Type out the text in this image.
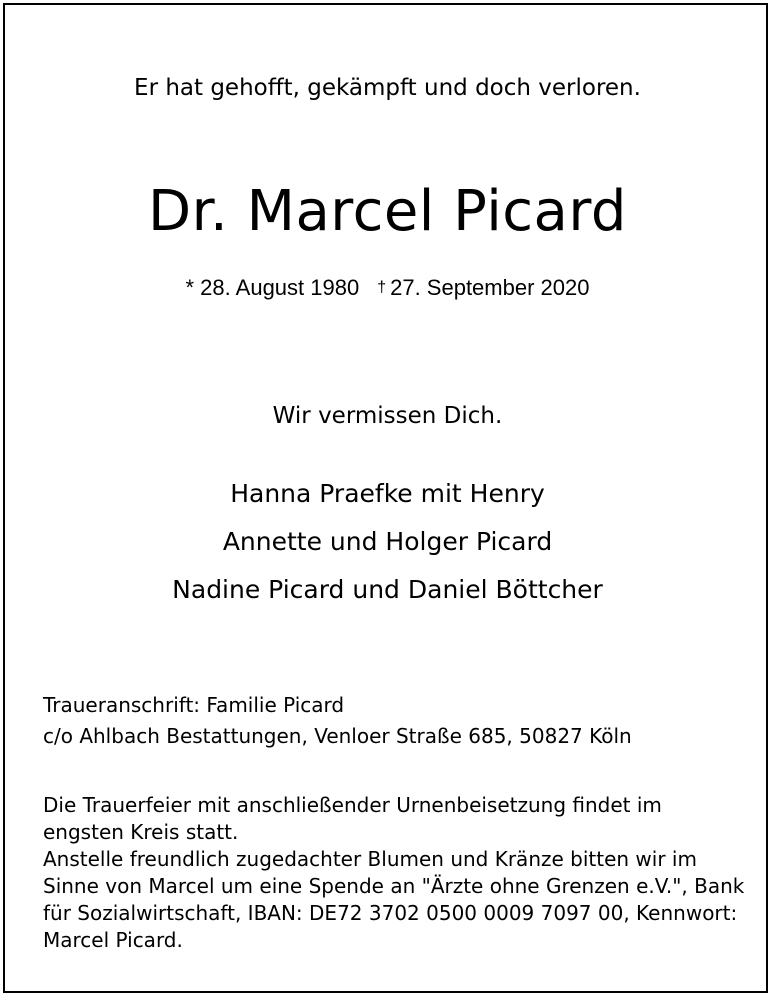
Er hat gehofft, gekämpft und doch verloren.
Dr. Marcel Picard
* 28. August 1980 † 27. September 2020
Wir vermissen Dich.
Hanna Praefke mit Henry
Annette und Holger Picard
Nadine Picard und Daniel Böttcher
Traueranschrift: Familie Picard
c/o Ahlbach Bestattungen, Venloer Straße 685, 50827 Köln
Die Trauerfeier mit anschließender Urnenbeisetzung findet im engsten Kreis statt.
Anstelle freundlich zugedachter Blumen und Kränze bitten wir im Sinne von Marcel um eine Spende an "Ärzte ohne Grenzen e.V.", Bank für Sozialwirtschaft, IBAN: DE72 3702 0500 0009 7097 00, Kennwort: Marcel Picard.
